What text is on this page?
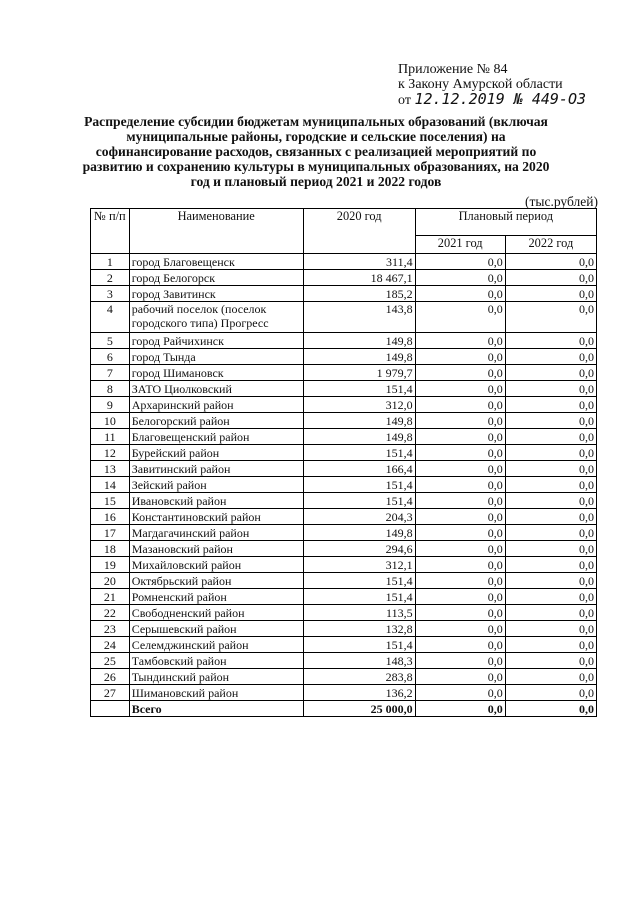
Приложение № 84
к Закону Амурской области
от 12.12.2019 № 449-ОЗ
Распределение субсидии бюджетам муниципальных образований (включая муниципальные районы, городские и сельские поселения) на софинансирование расходов, связанных с реализацией мероприятий по развитию и сохранению культуры в муниципальных образованиях, на 2020 год и плановый период 2021 и 2022 годов
(тыс.рублей)
№ п/п	Наименование	2020 год	Плановый период	
			2021 год	2022 год
1	город Благовещенск	311,4	0,0	0,0
2	город Белогорск	18 467,1	0,0	0,0
3	город Завитинск	185,2	0,0	0,0
4	рабочий поселок (поселок городского типа) Прогресс	143,8	0,0	0,0
5	город Райчихинск	149,8	0,0	0,0
6	город Тында	149,8	0,0	0,0
7	город Шимановск	1 979,7	0,0	0,0
8	ЗАТО Циолковский	151,4	0,0	0,0
9	Архаринский район	312,0	0,0	0,0
10	Белогорский район	149,8	0,0	0,0
11	Благовещенский район	149,8	0,0	0,0
12	Бурейский район	151,4	0,0	0,0
13	Завитинский район	166,4	0,0	0,0
14	Зейский район	151,4	0,0	0,0
15	Ивановский район	151,4	0,0	0,0
16	Константиновский район	204,3	0,0	0,0
17	Магдагачинский район	149,8	0,0	0,0
18	Мазановский район	294,6	0,0	0,0
19	Михайловский район	312,1	0,0	0,0
20	Октябрьский район	151,4	0,0	0,0
21	Ромненский район	151,4	0,0	0,0
22	Свободненский район	113,5	0,0	0,0
23	Серышевский район	132,8	0,0	0,0
24	Селемджинский район	151,4	0,0	0,0
25	Тамбовский район	148,3	0,0	0,0
26	Тындинский район	283,8	0,0	0,0
27	Шимановский район	136,2	0,0	0,0
	Всего	25 000,0	0,0	0,0
